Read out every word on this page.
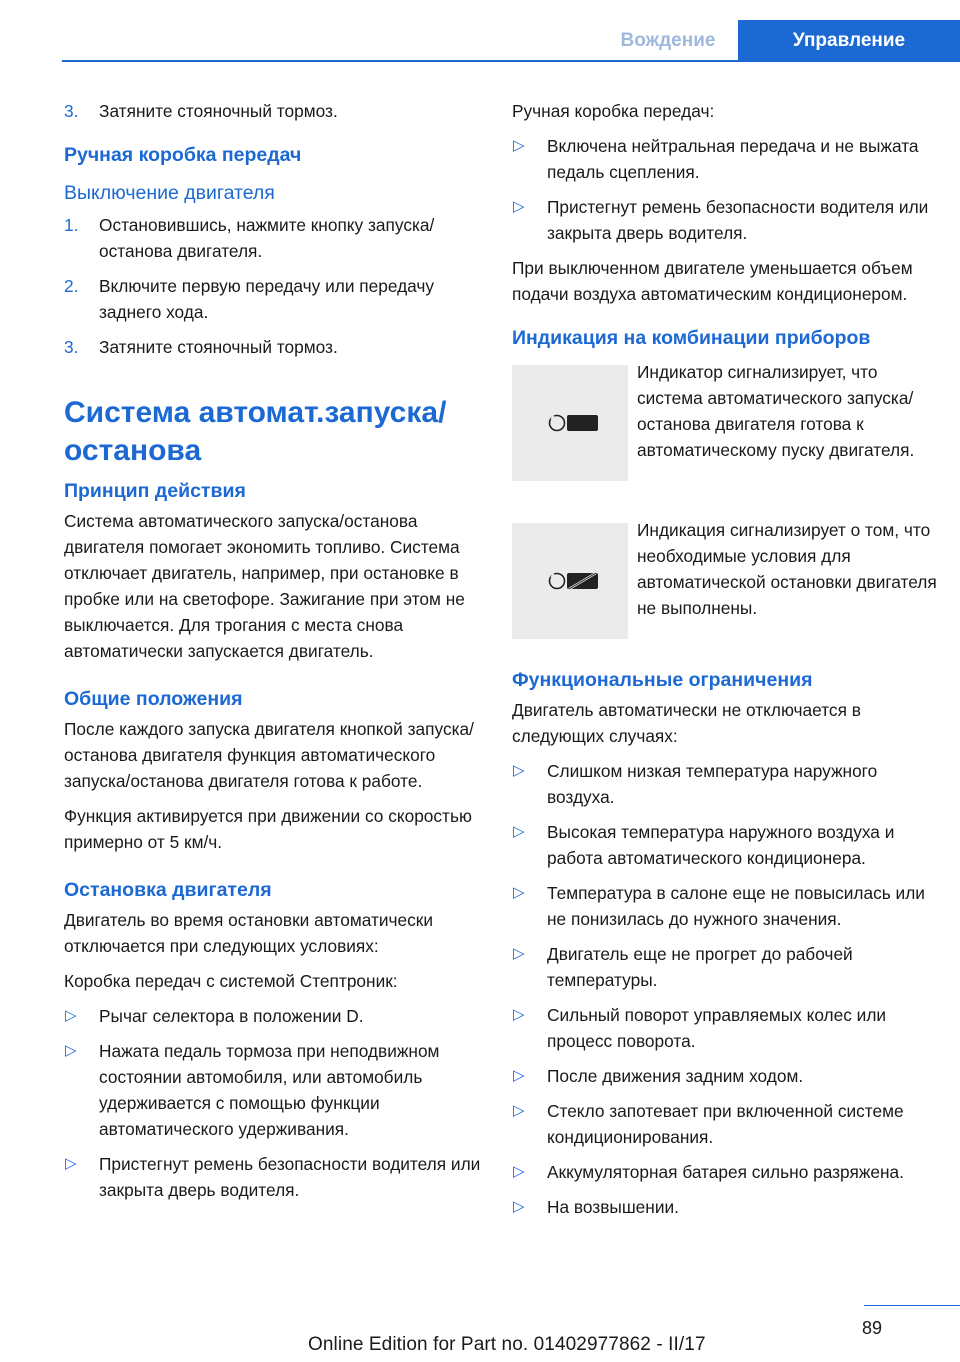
Вождение	Управление
3. Затяните стояночный тормоз.
Ручная коробка передач
Выключение двигателя
1. Остановившись, нажмите кнопку запуска/останова двигателя.
2. Включите первую передачу или передачу заднего хода.
3. Затяните стояночный тормоз.
Система автомат.запуска/
останова
Принцип действия
Система автоматического запуска/останова двигателя помогает экономить топливо. Система отключает двигатель, например, при остановке в пробке или на светофоре. Зажигание при этом не выключается. Для трогания с места снова автоматически запускается двигатель.
Общие положения
После каждого запуска двигателя кнопкой запуска/останова двигателя функция автоматического запуска/останова двигателя готова к работе.
Функция активируется при движении со скоростью примерно от 5 км/ч.
Остановка двигателя
Двигатель во время остановки автоматически отключается при следующих условиях:
Коробка передач с системой Стептроник:
▷ Рычаг селектора в положении D.
▷ Нажата педаль тормоза при неподвижном состоянии автомобиля, или автомобиль удерживается с помощью функции автоматического удерживания.
▷ Пристегнут ремень безопасности водителя или закрыта дверь водителя.
Ручная коробка передач:
▷ Включена нейтральная передача и не выжата педаль сцепления.
▷ Пристегнут ремень безопасности водителя или закрыта дверь водителя.
При выключенном двигателе уменьшается объем подачи воздуха автоматическим кондиционером.
Индикация на комбинации приборов
Индикатор сигнализирует, что система автоматического запуска/останова двигателя готова к автоматическому пуску двигателя.
Индикация сигнализирует о том, что необходимые условия для автоматической остановки двигателя не выполнены.
Функциональные ограничения
Двигатель автоматически не отключается в следующих случаях:
▷ Слишком низкая температура наружного воздуха.
▷ Высокая температура наружного воздуха и работа автоматического кондиционера.
▷ Температура в салоне еще не повысилась или не понизилась до нужного значения.
▷ Двигатель еще не прогрет до рабочей температуры.
▷ Сильный поворот управляемых колес или процесс поворота.
▷ После движения задним ходом.
▷ Стекло запотевает при включенной системе кондиционирования.
▷ Аккумуляторная батарея сильно разряжена.
▷ На возвышении.
89
Online Edition for Part no. 01402977862 - II/17
